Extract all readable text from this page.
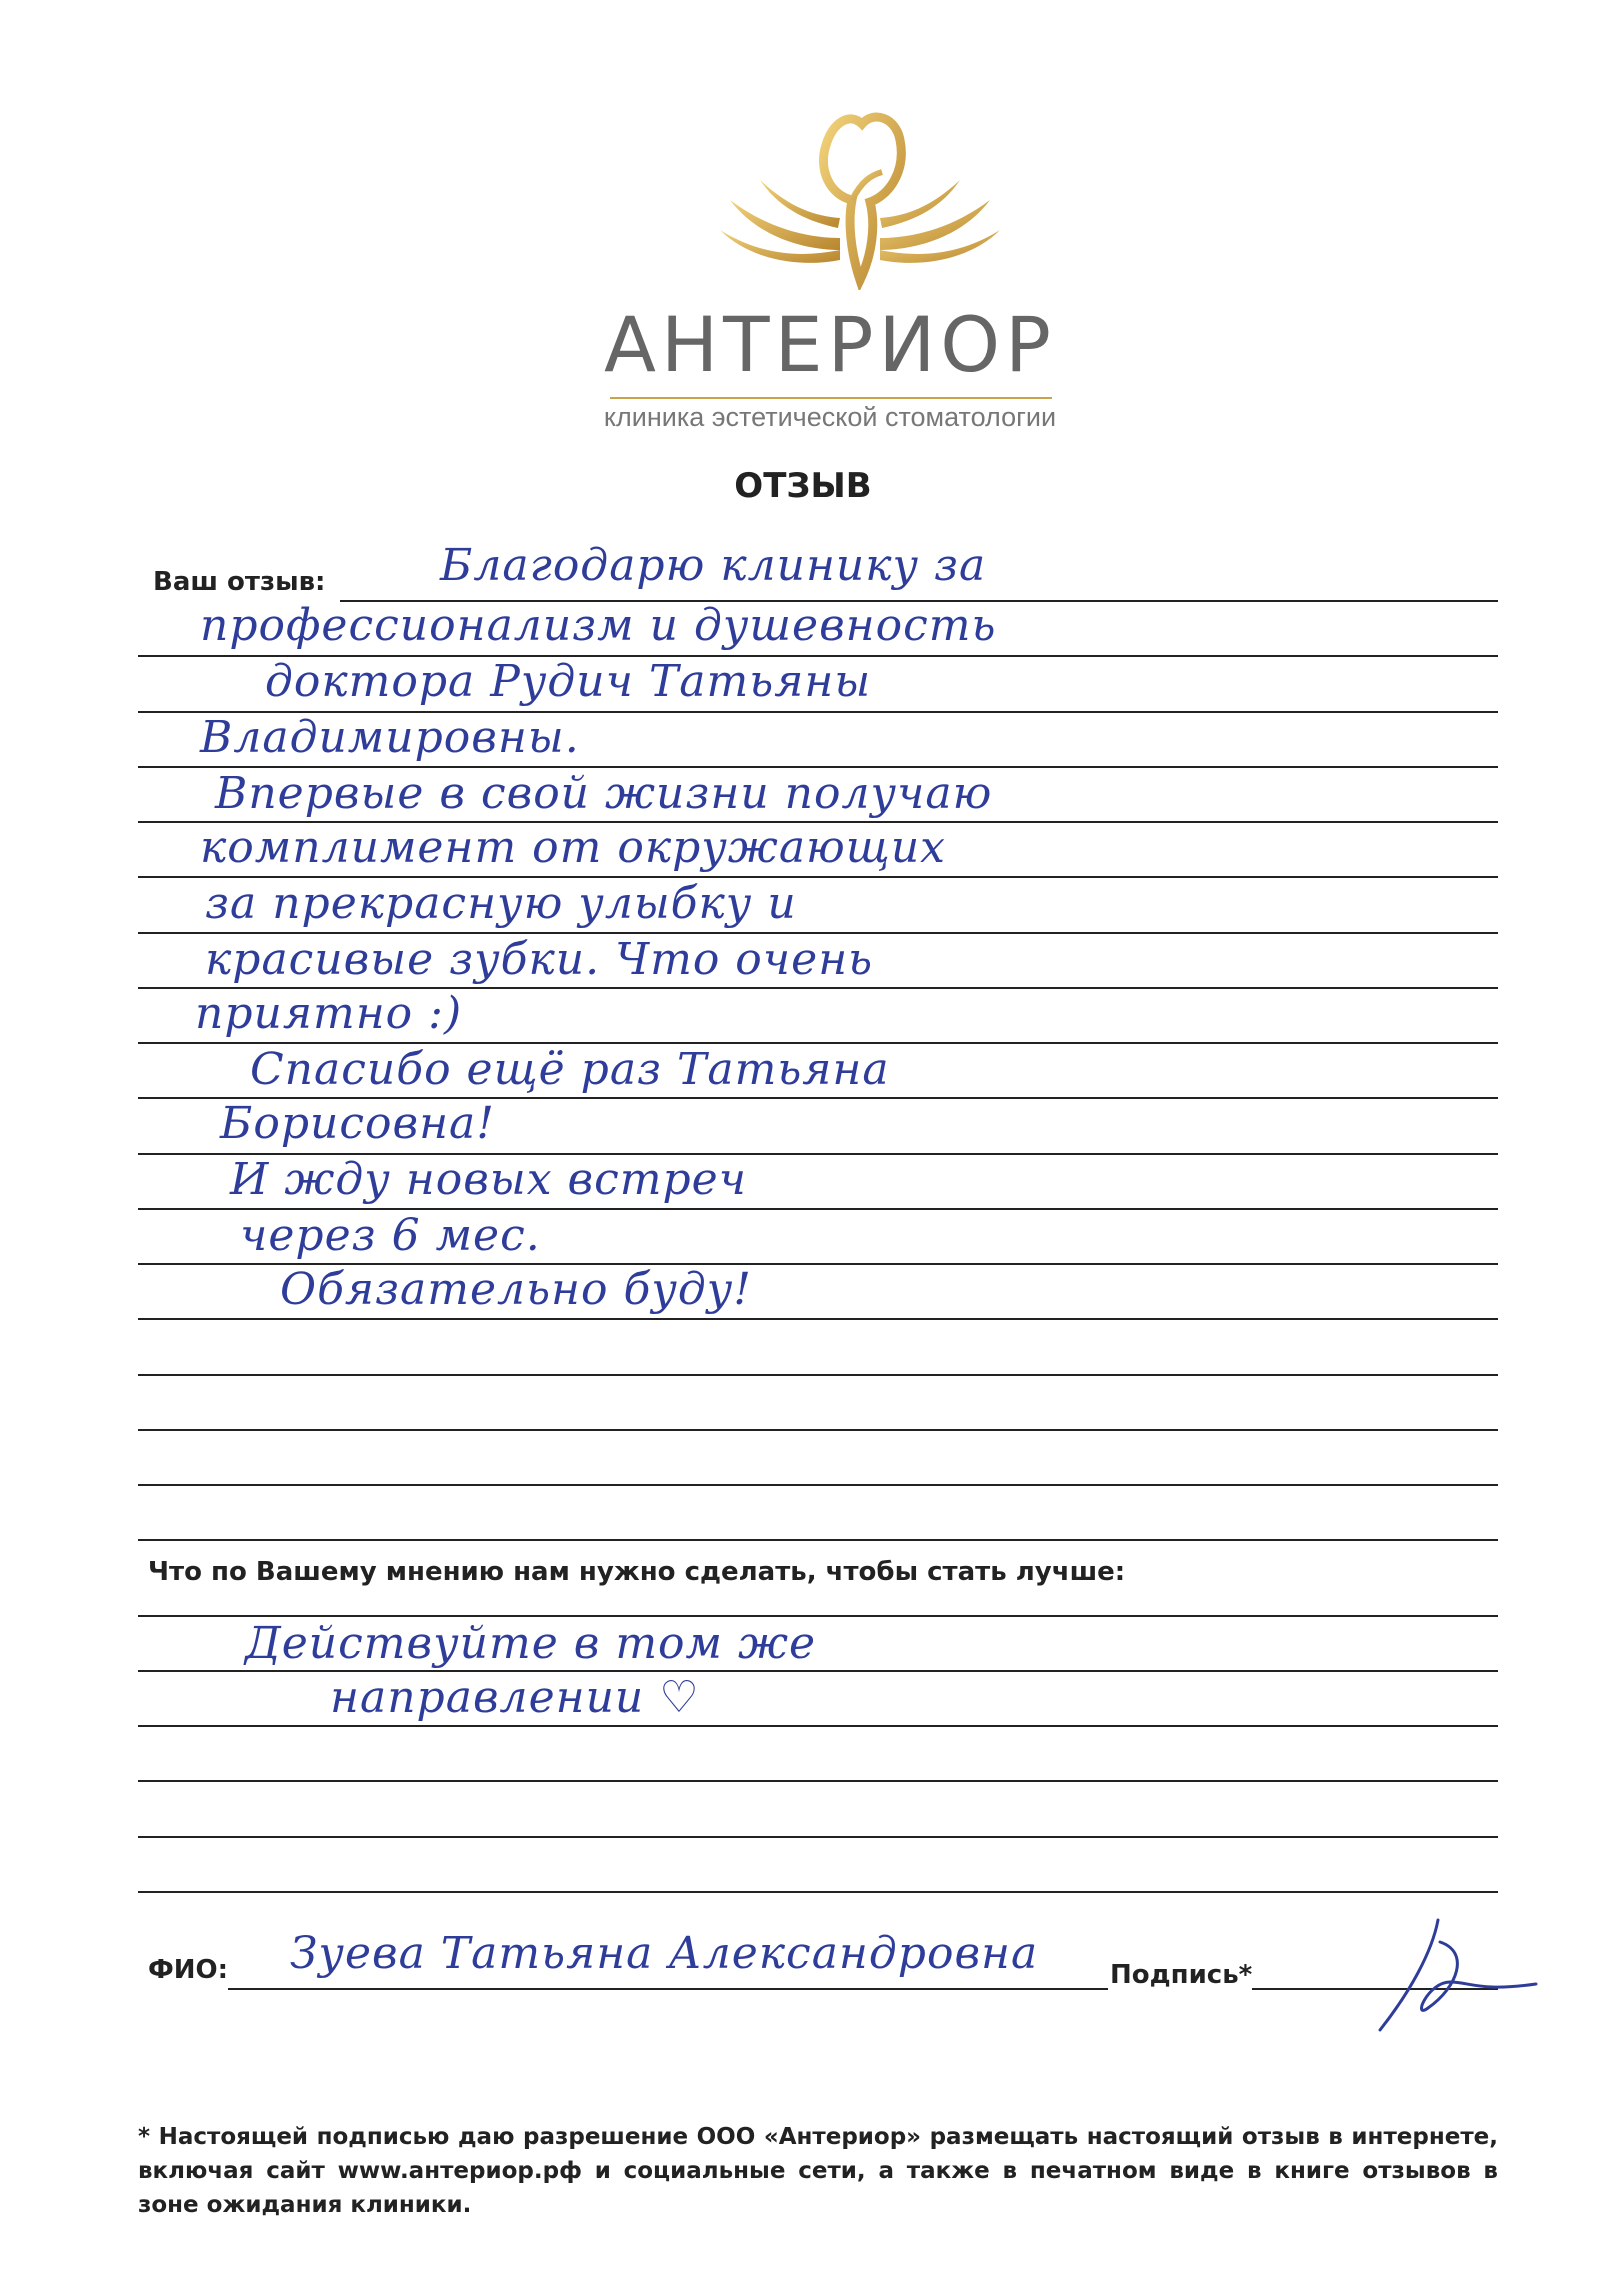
АНТЕРИОР
клиника эстетической стоматологии
ОТЗЫВ
Ваш отзыв:	Благодарю клинику за
профессионализм и душевность
доктора Рудич Татьяны
Владимировны.
Впервые в свой жизни получаю
комплимент от окружающих
за прекрасную улыбку и
красивые зубки. Что очень
приятно :)
Спасибо ещё раз Татьяна
Борисовна!
И жду новых встреч
через 6 мес.
Обязательно буду!
Что по Вашему мнению нам нужно сделать, чтобы стать лучше:
Действуйте в том же
направлении ♡
ФИО: Зуева Татьяна Александровна	Подпись*
* Настоящей подписью даю разрешение ООО «Антериор» размещать настоящий отзыв в интернете, включая сайт www.антериор.рф и социальные сети, а также в печатном виде в книге отзывов в зоне ожидания клиники.
